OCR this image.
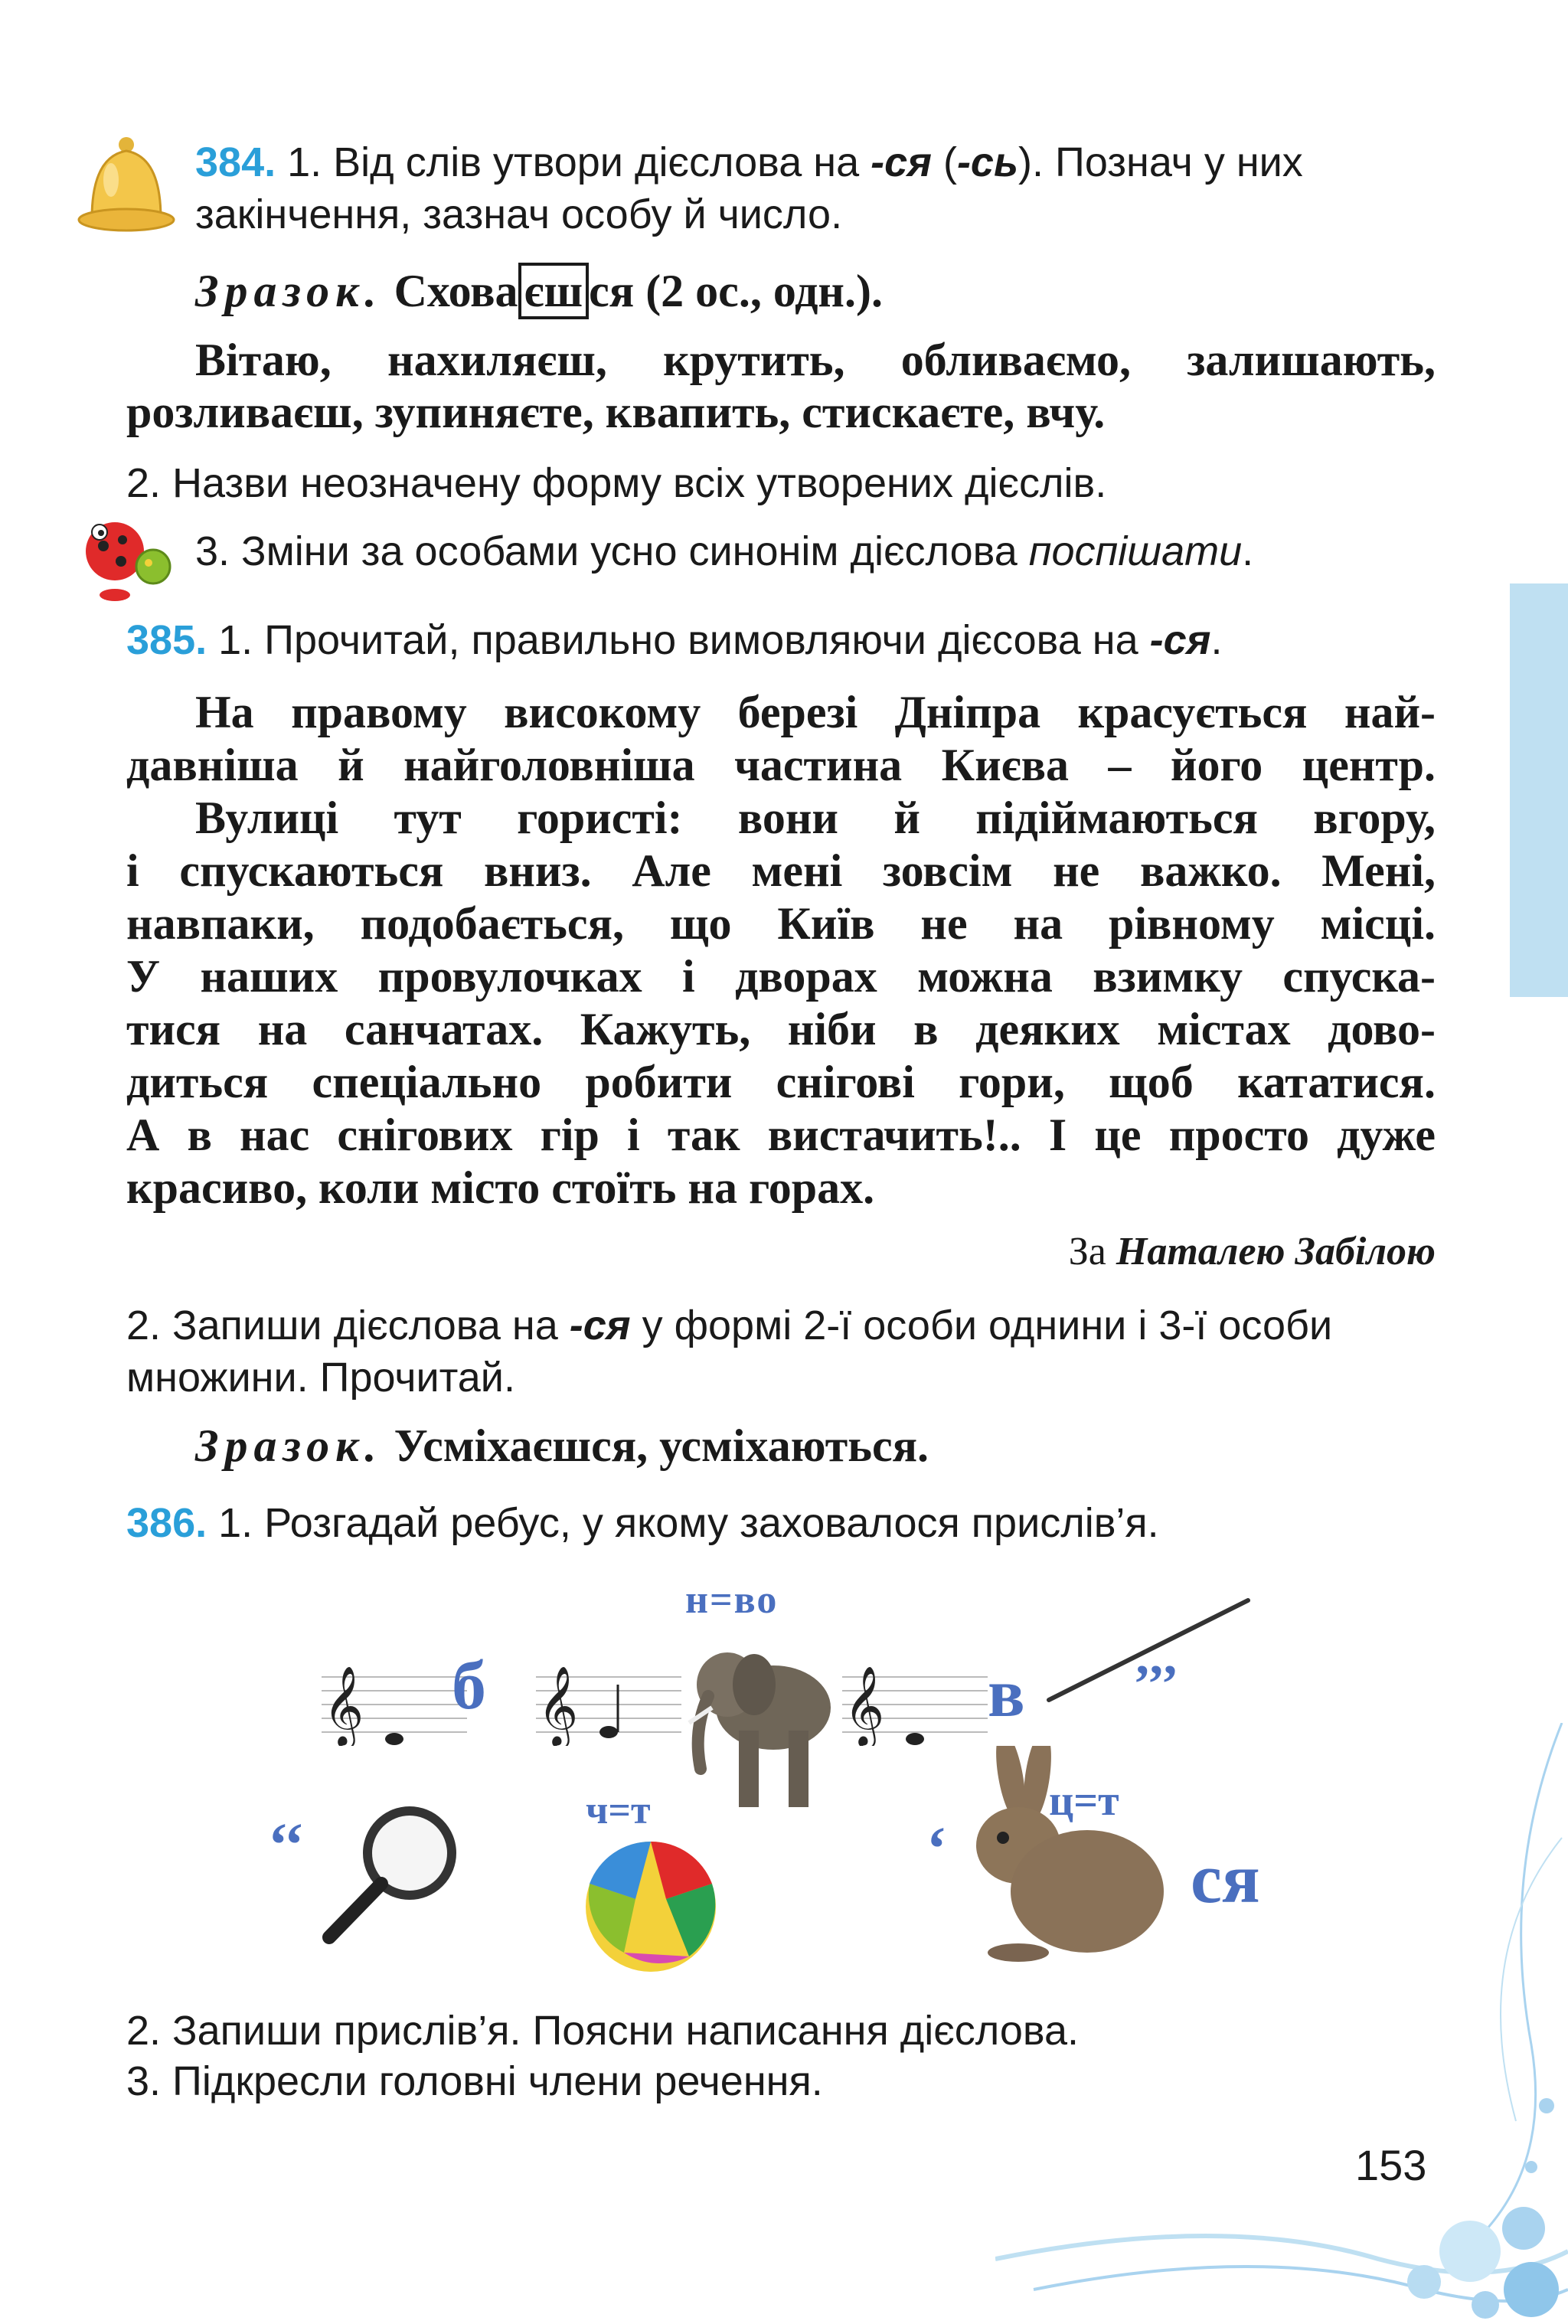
384. 1. Від слів утвори дієслова на -ся (-сь). Познач у них закінчення, зазнач особу й число.
Зразок. Схова єш ся (2 ос., одн.).
Вітаю, нахиляєш, крутить, обливаємо, залишають,
розливаєш, зупиняєте, квапить, стискаєте, вчу.
2. Назви неозначену форму всіх утворених дієслів.
3. Зміни за особами усно синонім дієслова поспішати.
385. 1. Прочитай, правильно вимовляючи дієсова на -ся.
На правому високому березі Дніпра красується най-
давніша й найголовніша частина Києва – його центр.
Вулиці тут гористі: вони й підіймаються вгору,
і спускаються вниз. Але мені зовсім не важко. Мені,
навпаки, подобається, що Київ не на рівному місці.
У наших провулочках і дворах можна взимку спуска-
тися на санчатах. Кажуть, ніби в деяких містах дово-
диться спеціально робити снігові гори, щоб кататися.
А в нас снігових гір і так вистачить!.. І це просто дуже
красиво, коли місто стоїть на горах.
За Наталею Забілою
2. Запиши дієслова на -ся у формі 2-ї особи однини і 3-ї особи
множини. Прочитай.
Зразок. Усміхаєшся, усміхаються.
386. 1. Розгадай ребус, у якому заховалося прислів’я.
𝄞 б 𝄞
н=во
𝄞 в ’’’
‘‘
ч=т
‘
ц=т
ся
2. Запиши прислів’я. Поясни написання дієслова.
3. Підкресли головні члени речення.
153
